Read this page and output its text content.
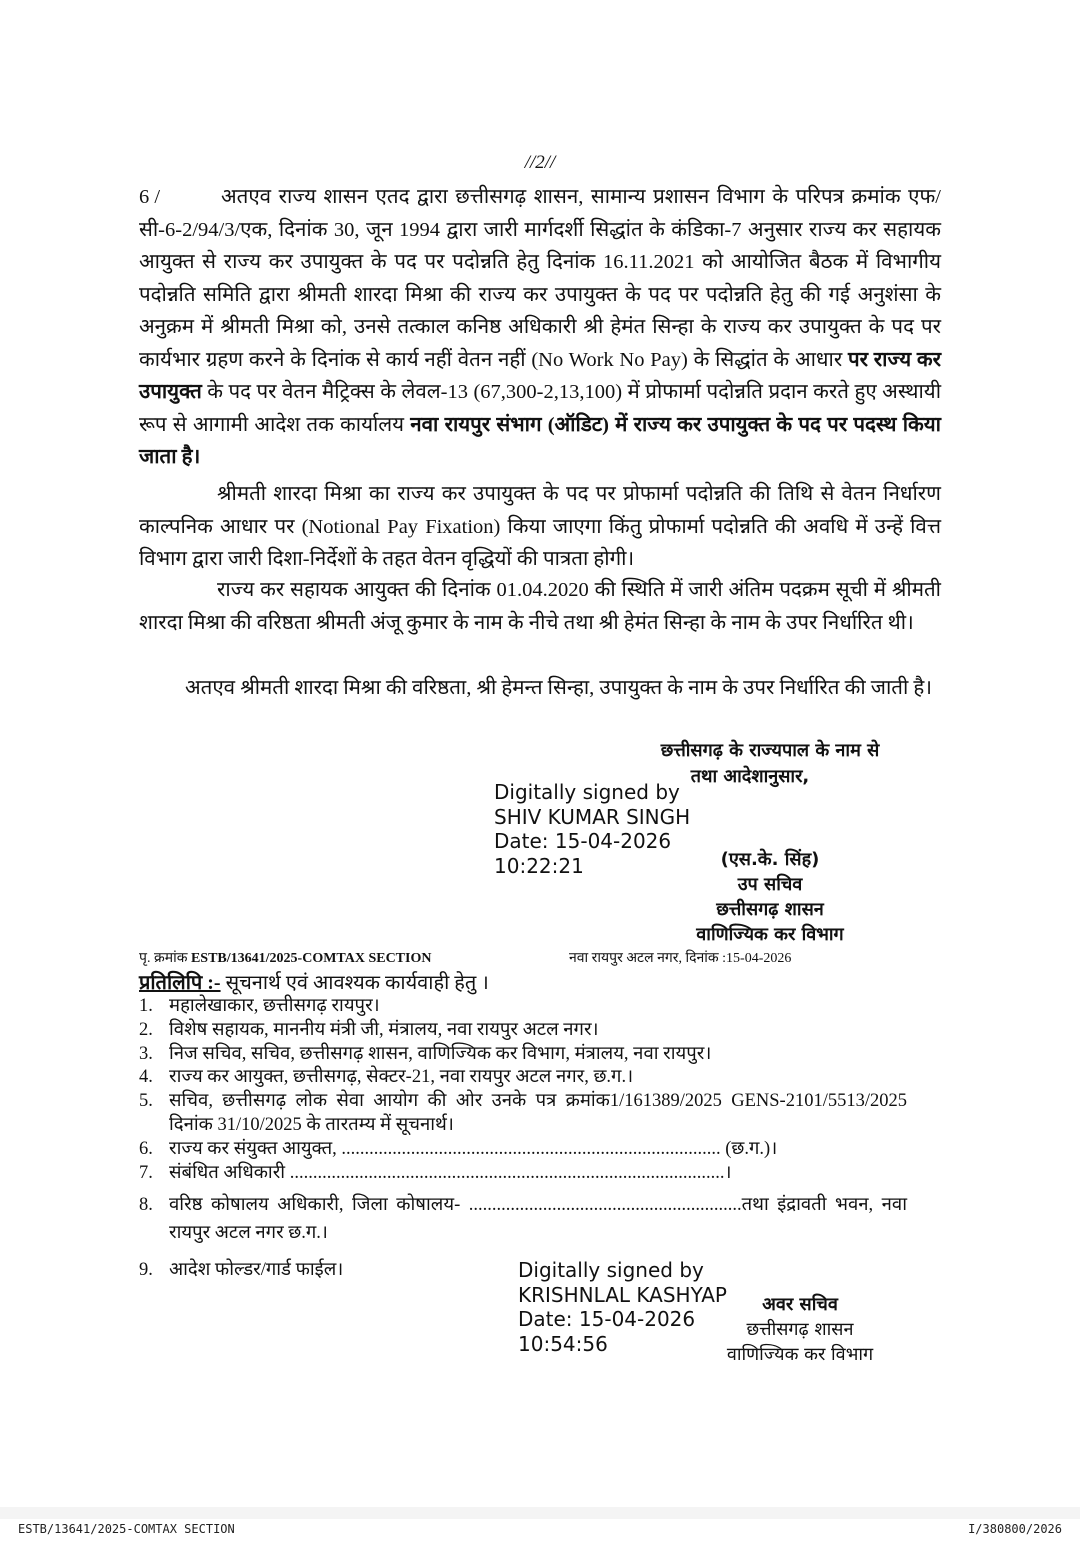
//2//
6 /	अतएव राज्य शासन एतद द्वारा छत्तीसगढ़ शासन, सामान्य प्रशासन विभाग के परिपत्र क्रमांक एफ/सी-6-2/94/3/एक, दिनांक 30, जून 1994 द्वारा जारी मार्गदर्शी सिद्धांत के कंडिका-7 अनुसार राज्य कर सहायक आयुक्त से राज्य कर उपायुक्त के पद पर पदोन्नति हेतु दिनांक 16.11.2021 को आयोजित बैठक में विभागीय पदोन्नति समिति द्वारा श्रीमती शारदा मिश्रा की राज्य कर उपायुक्त के पद पर पदोन्नति हेतु की गई अनुशंसा के अनुक्रम में श्रीमती मिश्रा को, उनसे तत्काल कनिष्ठ अधिकारी श्री हेमंत सिन्हा के राज्य कर उपायुक्त के पद पर कार्यभार ग्रहण करने के दिनांक से कार्य नहीं वेतन नहीं (No Work No Pay) के सिद्धांत के आधार पर राज्य कर उपायुक्त के पद पर वेतन मैट्रिक्स के लेवल-13 (67,300-2,13,100) में प्रोफार्मा पदोन्नति प्रदान करते हुए अस्थायी रूप से आगामी आदेश तक कार्यालय नवा रायपुर संभाग (ऑडिट) में राज्य कर उपायुक्त के पद पर पदस्थ किया जाता है।
श्रीमती शारदा मिश्रा का राज्य कर उपायुक्त के पद पर प्रोफार्मा पदोन्नति की तिथि से वेतन निर्धारण काल्पनिक आधार पर (Notional Pay Fixation) किया जाएगा किंतु प्रोफार्मा पदोन्नति की अवधि में उन्हें वित्त विभाग द्वारा जारी दिशा-निर्देशों के तहत वेतन वृद्धियों की पात्रता होगी।
राज्य कर सहायक आयुक्त की दिनांक 01.04.2020 की स्थिति में जारी अंतिम पदक्रम सूची में श्रीमती शारदा मिश्रा की वरिष्ठता श्रीमती अंजू कुमार के नाम के नीचे तथा श्री हेमंत सिन्हा के नाम के उपर निर्धारित थी।
अतएव श्रीमती शारदा मिश्रा की वरिष्ठता, श्री हेमन्त सिन्हा, उपायुक्त के नाम के उपर निर्धारित की जाती है।
छत्तीसगढ़ के राज्यपाल के नाम से
तथा आदेशानुसार,
Digitally signed by
SHIV KUMAR SINGH
Date: 15-04-2026
10:22:21	(एस.के. सिंह)
उप सचिव
छत्तीसगढ़ शासन
वाणिज्यिक कर विभाग
पृ. क्रमांक ESTB/13641/2025-COMTAX SECTION	नवा रायपुर अटल नगर, दिनांक :15-04-2026
प्रतिलिपि :- सूचनार्थ एवं आवश्यक कार्यवाही हेतु ।
1. महालेखाकार, छत्तीसगढ़ रायपुर।
2. विशेष सहायक, माननीय मंत्री जी, मंत्रालय, नवा रायपुर अटल नगर।
3. निज सचिव, सचिव, छत्तीसगढ़ शासन, वाणिज्यिक कर विभाग, मंत्रालय, नवा रायपुर।
4. राज्य कर आयुक्त, छत्तीसगढ़, सेक्टर-21, नवा रायपुर अटल नगर, छ.ग.।
5. सचिव, छत्तीसगढ़ लोक सेवा आयोग की ओर उनके पत्र क्रमांक1/161389/2025 GENS-2101/5513/2025 दिनांक 31/10/2025 के तारतम्य में सूचनार्थ।
6. राज्य कर संयुक्त आयुक्त, .................................................................................. (छ.ग.)।
7. संबंधित अधिकारी ..............................................................................................।
8. वरिष्ठ कोषालय अधिकारी, जिला कोषालय- ...........................................................तथा इंद्रावती भवन, नवा रायपुर अटल नगर छ.ग.।
9. आदेश फोल्डर/गार्ड फाईल।	Digitally signed by
KRISHNLAL KASHYAP
Date: 15-04-2026
10:54:56
अवर सचिव
छत्तीसगढ़ शासन
वाणिज्यिक कर विभाग
ESTB/13641/2025-COMTAX SECTION	I/380800/2026
